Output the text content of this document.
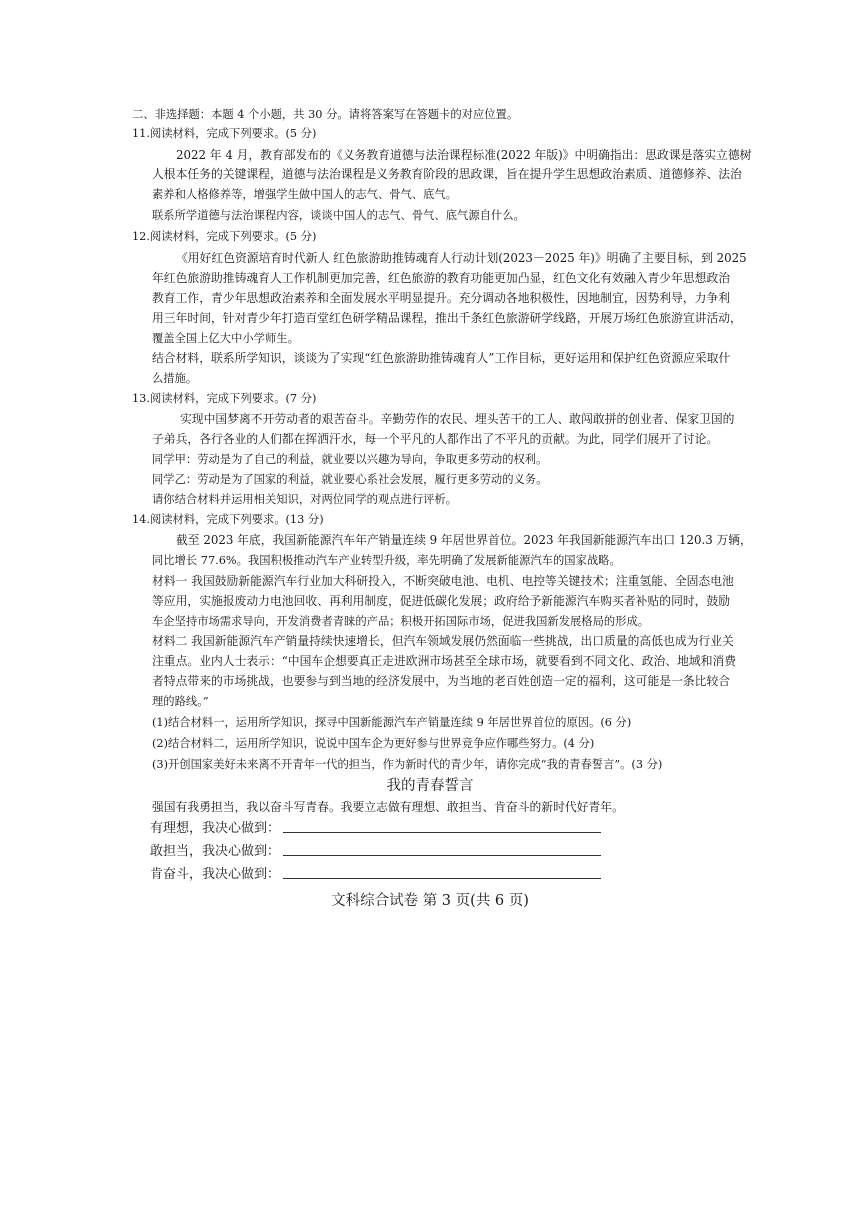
二、非选择题：本题 4 个小题，共 30 分。请将答案写在答题卡的对应位置。
11.阅读材料，完成下列要求。(5 分)
2022 年 4 月，教育部发布的《义务教育道德与法治课程标准(2022 年版)》中明确指出：思政课是落实立德树
人根本任务的关键课程，道德与法治课程是义务教育阶段的思政课，旨在提升学生思想政治素质、道德修养、法治
素养和人格修养等，增强学生做中国人的志气、骨气、底气。
联系所学道德与法治课程内容，谈谈中国人的志气、骨气、底气源自什么。
12.阅读材料，完成下列要求。(5 分)
《用好红色资源培育时代新人 红色旅游助推铸魂育人行动计划(2023－2025 年)》明确了主要目标，到 2025
年红色旅游助推铸魂育人工作机制更加完善，红色旅游的教育功能更加凸显，红色文化有效融入青少年思想政治
教育工作，青少年思想政治素养和全面发展水平明显提升。充分调动各地积极性，因地制宜，因势利导，力争利
用三年时间，针对青少年打造百堂红色研学精品课程，推出千条红色旅游研学线路，开展万场红色旅游宣讲活动，
覆盖全国上亿大中小学师生。
结合材料，联系所学知识，谈谈为了实现“红色旅游助推铸魂育人”工作目标，更好运用和保护红色资源应采取什
么措施。
13.阅读材料，完成下列要求。(7 分)
实现中国梦离不开劳动者的艰苦奋斗。辛勤劳作的农民、埋头苦干的工人、敢闯敢拼的创业者、保家卫国的
子弟兵，各行各业的人们都在挥洒汗水，每一个平凡的人都作出了不平凡的贡献。为此，同学们展开了讨论。
同学甲：劳动是为了自己的利益，就业要以兴趣为导向，争取更多劳动的权利。
同学乙：劳动是为了国家的利益，就业要心系社会发展，履行更多劳动的义务。
请你结合材料并运用相关知识，对两位同学的观点进行评析。
14.阅读材料，完成下列要求。(13 分)
截至 2023 年底，我国新能源汽车年产销量连续 9 年居世界首位。2023 年我国新能源汽车出口 120.3 万辆，
同比增长 77.6%。我国积极推动汽车产业转型升级，率先明确了发展新能源汽车的国家战略。
材料一 我国鼓励新能源汽车行业加大科研投入，不断突破电池、电机、电控等关键技术；注重氢能、全固态电池
等应用，实施报废动力电池回收、再利用制度，促进低碳化发展；政府给予新能源汽车购买者补贴的同时，鼓励
车企坚持市场需求导向，开发消费者青睐的产品；积极开拓国际市场，促进我国新发展格局的形成。
材料二 我国新能源汽车产销量持续快速增长，但汽车领域发展仍然面临一些挑战，出口质量的高低也成为行业关
注重点。业内人士表示：“中国车企想要真正走进欧洲市场甚至全球市场，就要看到不同文化、政治、地域和消费
者特点带来的市场挑战，也要参与到当地的经济发展中，为当地的老百姓创造一定的福利，这可能是一条比较合
理的路线。”
(1)结合材料一，运用所学知识，探寻中国新能源汽车产销量连续 9 年居世界首位的原因。(6 分)
(2)结合材料二，运用所学知识，说说中国车企为更好参与世界竞争应作哪些努力。(4 分)
(3)开创国家美好未来离不开青年一代的担当，作为新时代的青少年，请你完成“我的青春誓言”。(3 分)
我的青春誓言
强国有我勇担当，我以奋斗写青春。我要立志做有理想、敢担当、肯奋斗的新时代好青年。
有理想，我决心做到：
敢担当，我决心做到：
肯奋斗，我决心做到：
文科综合试卷 第 3 页(共 6 页)
